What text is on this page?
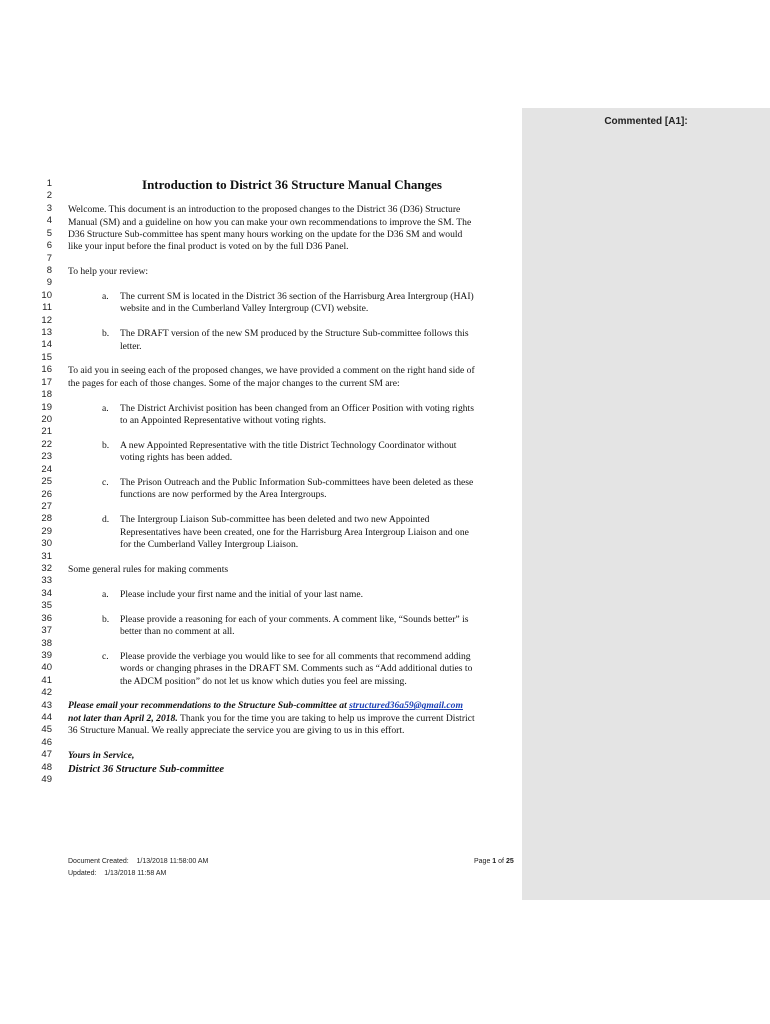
1
2
3
4
5
6
7
8
9
10
11
12
13
14
15
16
17
18
19
20
21
22
23
24
25
26
27
28
29
30
31
32
33
34
35
36
37
38
39
40
41
42
43
44
45
46
47
48
49
Introduction to District 36 Structure Manual Changes
Welcome. This document is an introduction to the proposed changes to the District 36 (D36) Structure
Manual (SM) and a guideline on how you can make your own recommendations to improve the SM. The
D36 Structure Sub-committee has spent many hours working on the update for the D36 SM and would
like your input before the final product is voted on by the full D36 Panel.
To help your review:
a. The current SM is located in the District 36 section of the Harrisburg Area Intergroup (HAI)
website and in the Cumberland Valley Intergroup (CVI) website.
b. The DRAFT version of the new SM produced by the Structure Sub-committee follows this
letter.
To aid you in seeing each of the proposed changes, we have provided a comment on the right hand side of
the pages for each of those changes. Some of the major changes to the current SM are:
a. The District Archivist position has been changed from an Officer Position with voting rights
to an Appointed Representative without voting rights.
b. A new Appointed Representative with the title District Technology Coordinator without
voting rights has been added.
c. The Prison Outreach and the Public Information Sub-committees have been deleted as these
functions are now performed by the Area Intergroups.
d. The Intergroup Liaison Sub-committee has been deleted and two new Appointed
Representatives have been created, one for the Harrisburg Area Intergroup Liaison and one
for the Cumberland Valley Intergroup Liaison.
Some general rules for making comments
a. Please include your first name and the initial of your last name.
b. Please provide a reasoning for each of your comments. A comment like, “Sounds better” is
better than no comment at all.
c. Please provide the verbiage you would like to see for all comments that recommend adding
words or changing phrases in the DRAFT SM. Comments such as “Add additional duties to
the ADCM position” do not let us know which duties you feel are missing.
Please email your recommendations to the Structure Sub-committee at structured36a59@gmail.com
not later than April 2, 2018. Thank you for the time you are taking to help us improve the current District
36 Structure Manual. We really appreciate the service you are giving to us in this effort.
Yours in Service,
District 36 Structure Sub-committee
Document Created: 1/13/2018 11:58:00 AM
Updated: 1/13/2018 11:58 AM
Page 1 of 25
Commented [A1]:
